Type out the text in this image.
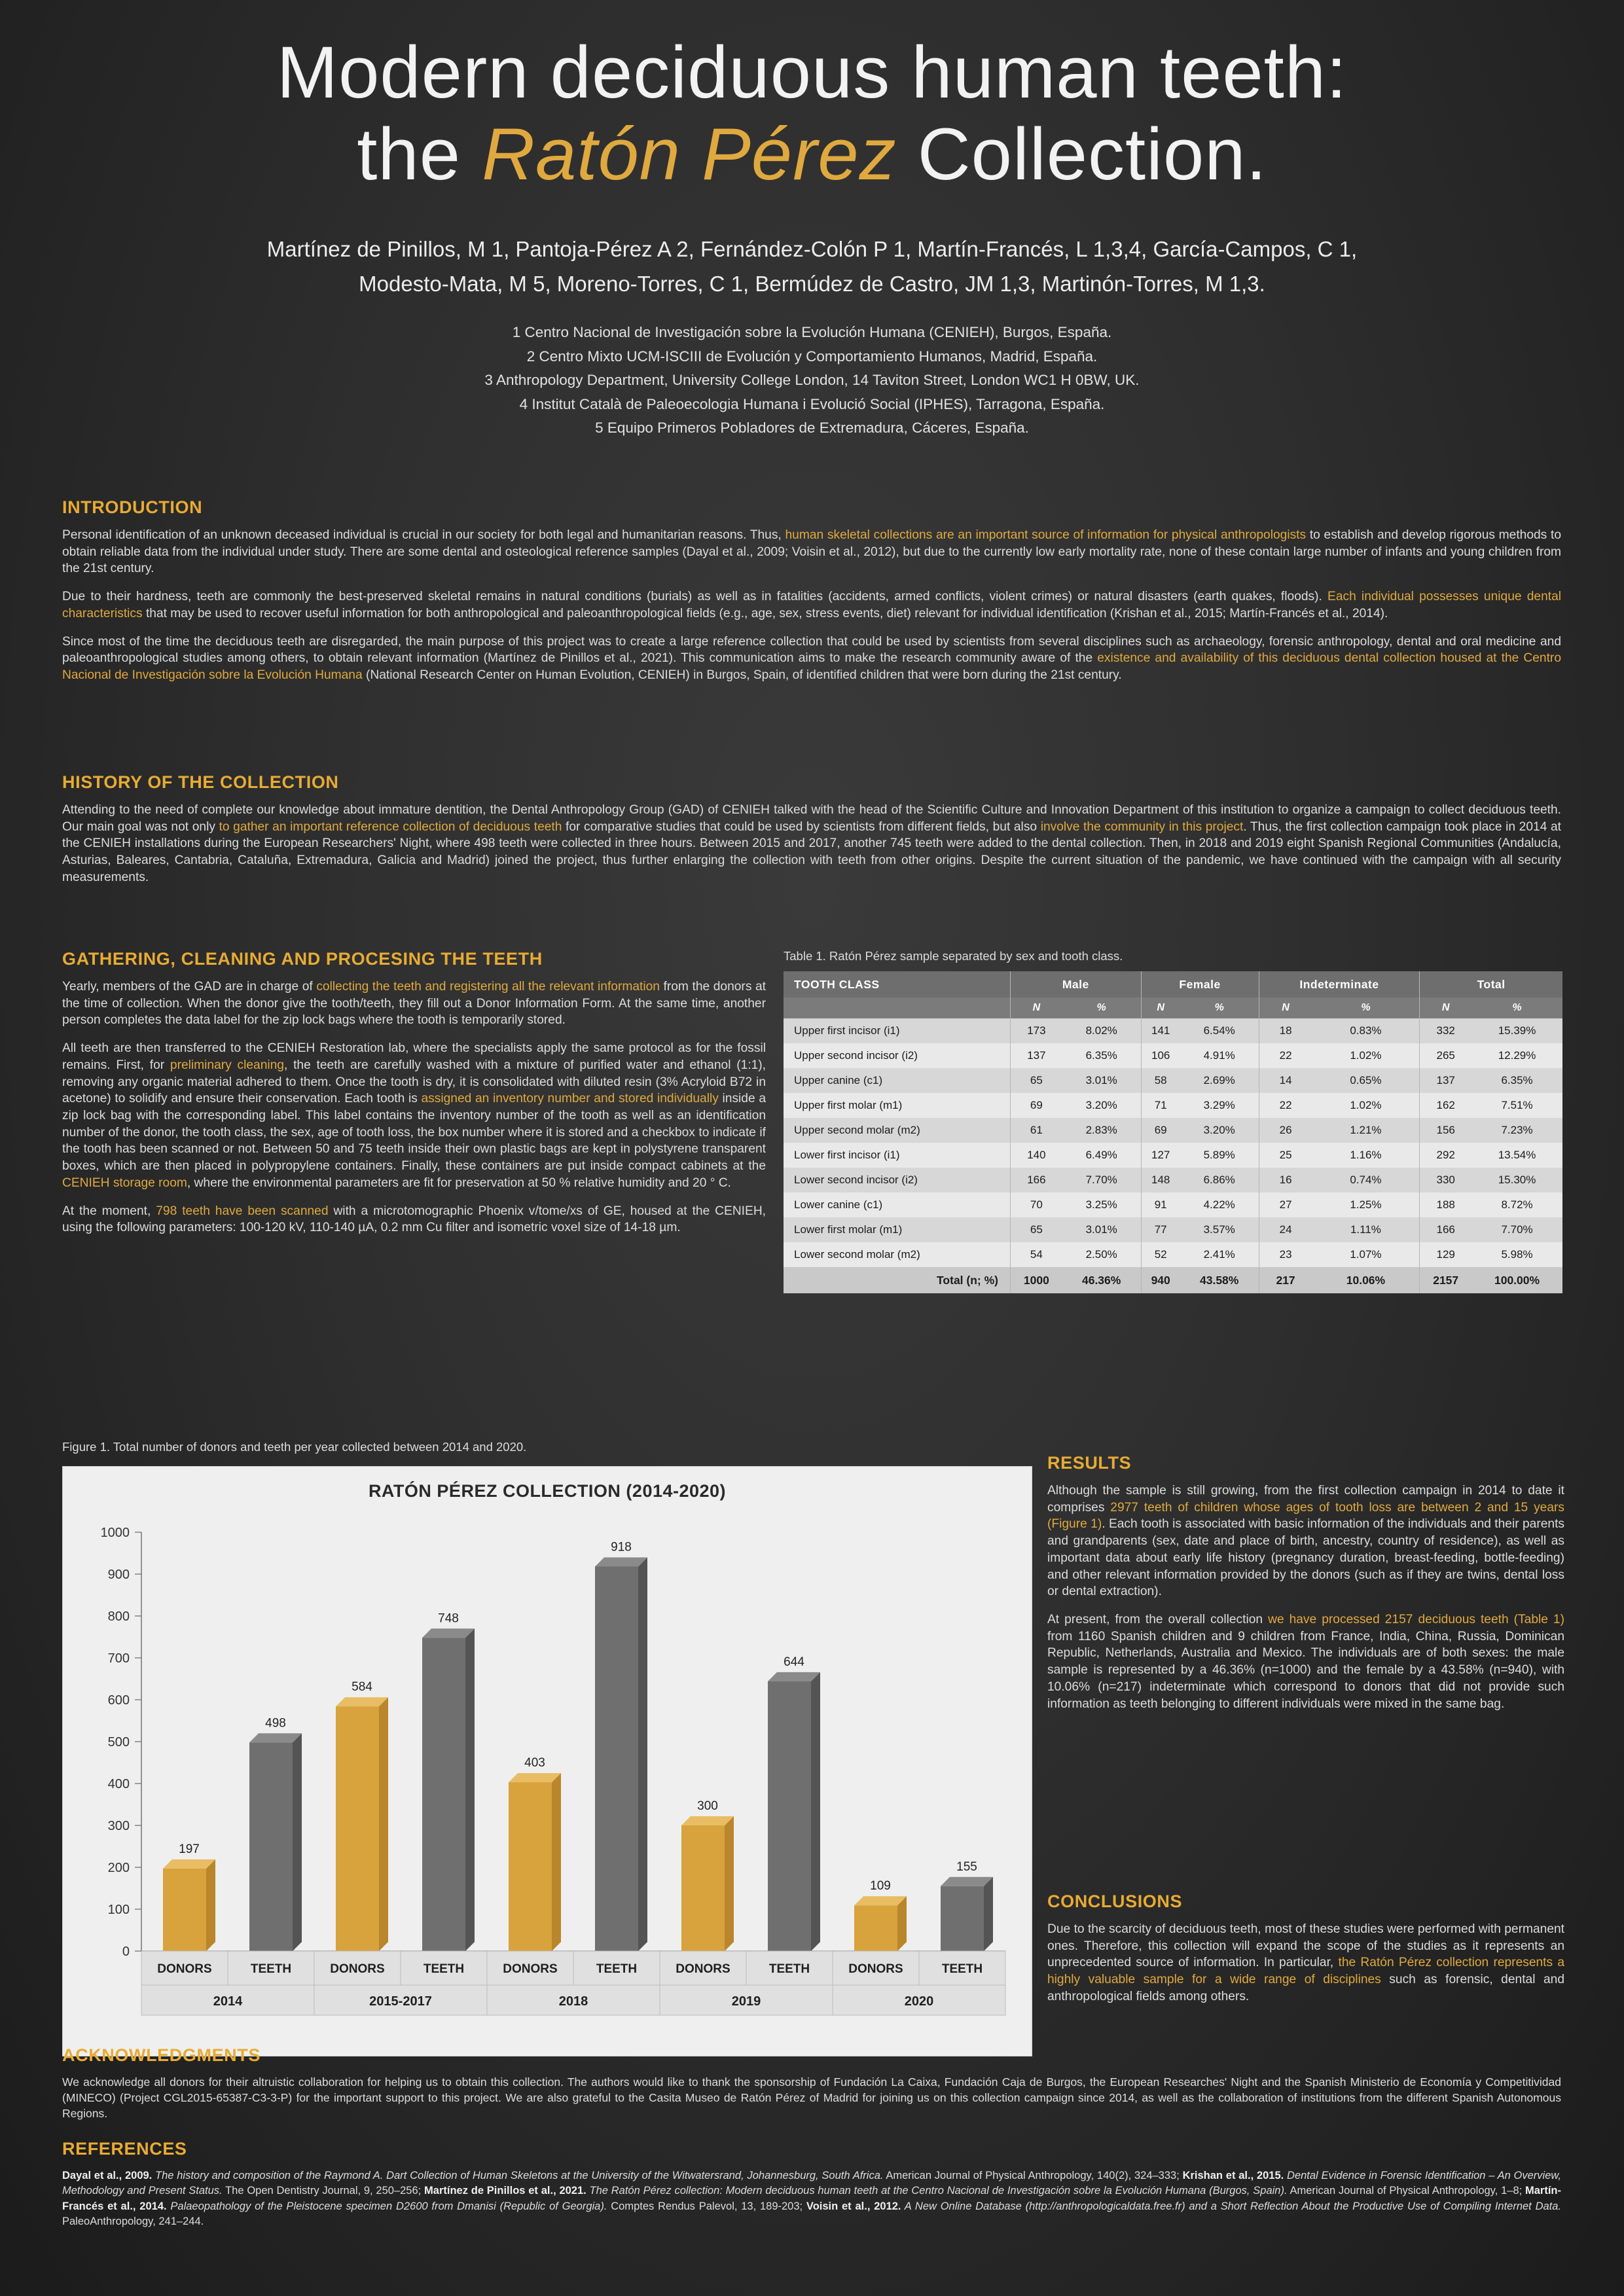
Modern deciduous human teeth:
the Ratón Pérez Collection.
Martínez de Pinillos, M 1, Pantoja-Pérez A 2, Fernández-Colón P 1, Martín-Francés, L 1,3,4, García-Campos, C 1,
Modesto-Mata, M 5, Moreno-Torres, C 1, Bermúdez de Castro, JM 1,3, Martinón-Torres, M 1,3.
1 Centro Nacional de Investigación sobre la Evolución Humana (CENIEH), Burgos, España.
2 Centro Mixto UCM-ISCIII de Evolución y Comportamiento Humanos, Madrid, España.
3 Anthropology Department, University College London, 14 Taviton Street, London WC1 H 0BW, UK.
4 Institut Català de Paleoecologia Humana i Evolució Social (IPHES), Tarragona, España.
5 Equipo Primeros Pobladores de Extremadura, Cáceres, España.
INTRODUCTION

Personal identification of an unknown deceased individual is crucial in our society for both legal and humanitarian reasons. Thus, human skeletal collections are an important source of information for physical anthropologists to establish and develop rigorous methods to obtain reliable data from the individual under study. There are some dental and osteological reference samples (Dayal et al., 2009; Voisin et al., 2012), but due to the currently low early mortality rate, none of these contain large number of infants and young children from the 21st century.

Due to their hardness, teeth are commonly the best-preserved skeletal remains in natural conditions (burials) as well as in fatalities (accidents, armed conflicts, violent crimes) or natural disasters (earth quakes, floods). Each individual possesses unique dental characteristics that may be used to recover useful information for both anthropological and paleoanthropological fields (e.g., age, sex, stress events, diet) relevant for individual identification (Krishan et al., 2015; Martín-Francés et al., 2014).

Since most of the time the deciduous teeth are disregarded, the main purpose of this project was to create a large reference collection that could be used by scientists from several disciplines such as archaeology, forensic anthropology, dental and oral medicine and paleoanthropological studies among others, to obtain relevant information (Martínez de Pinillos et al., 2021). This communication aims to make the research community aware of the existence and availability of this deciduous dental collection housed at the Centro Nacional de Investigación sobre la Evolución Humana (National Research Center on Human Evolution, CENIEH) in Burgos, Spain, of identified children that were born during the 21st century.

HISTORY OF THE COLLECTION

Attending to the need of complete our knowledge about immature dentition, the Dental Anthropology Group (GAD) of CENIEH talked with the head of the Scientific Culture and Innovation Department of this institution to organize a campaign to collect deciduous teeth. Our main goal was not only to gather an important reference collection of deciduous teeth for comparative studies that could be used by scientists from different fields, but also involve the community in this project. Thus, the first collection campaign took place in 2014 at the CENIEH installations during the European Researchers' Night, where 498 teeth were collected in three hours. Between 2015 and 2017, another 745 teeth were added to the dental collection. Then, in 2018 and 2019 eight Spanish Regional Communities (Andalucía, Asturias, Baleares, Cantabria, Cataluña, Extremadura, Galicia and Madrid) joined the project, thus further enlarging the collection with teeth from other origins. Despite the current situation of the pandemic, we have continued with the campaign with all security measurements.

GATHERING, CLEANING AND PROCESING THE TEETH

Yearly, members of the GAD are in charge of collecting the teeth and registering all the relevant information from the donors at the time of collection. When the donor give the tooth/teeth, they fill out a Donor Information Form. At the same time, another person completes the data label for the zip lock bags where the tooth is temporarily stored.

All teeth are then transferred to the CENIEH Restoration lab, where the specialists apply the same protocol as for the fossil remains. First, for preliminary cleaning, the teeth are carefully washed with a mixture of purified water and ethanol (1:1), removing any organic material adhered to them. Once the tooth is dry, it is consolidated with diluted resin (3% Acryloid B72 in acetone) to solidify and ensure their conservation. Each tooth is assigned an inventory number and stored individually inside a zip lock bag with the corresponding label. This label contains the inventory number of the tooth as well as an identification number of the donor, the tooth class, the sex, age of tooth loss, the box number where it is stored and a checkbox to indicate if the tooth has been scanned or not. Between 50 and 75 teeth inside their own plastic bags are kept in polystyrene transparent boxes, which are then placed in polypropylene containers. Finally, these containers are put inside compact cabinets at the CENIEH storage room, where the environmental parameters are fit for preservation at 50 % relative humidity and 20 ° C.

At the moment, 798 teeth have been scanned with a microtomographic Phoenix v/tome/xs of GE, housed at the CENIEH, using the following parameters: 100-120 kV, 110-140 µA, 0.2 mm Cu filter and isometric voxel size of 14-18 µm.

Table 1. Ratón Pérez sample separated by sex and tooth class.
TOOTH CLASS	Male		Female		Indeterminate		Total	
	N	%	N	%	N	%	N	%
Upper first incisor (i1)	173	8.02%	141	6.54%	18	0.83%	332	15.39%
Upper second incisor (i2)	137	6.35%	106	4.91%	22	1.02%	265	12.29%
Upper canine (c1)	65	3.01%	58	2.69%	14	0.65%	137	6.35%
Upper first molar (m1)	69	3.20%	71	3.29%	22	1.02%	162	7.51%
Upper second molar (m2)	61	2.83%	69	3.20%	26	1.21%	156	7.23%
Lower first incisor (i1)	140	6.49%	127	5.89%	25	1.16%	292	13.54%
Lower second incisor (i2)	166	7.70%	148	6.86%	16	0.74%	330	15.30%
Lower canine (c1)	70	3.25%	91	4.22%	27	1.25%	188	8.72%
Lower first molar (m1)	65	3.01%	77	3.57%	24	1.11%	166	7.70%
Lower second molar (m2)	54	2.50%	52	2.41%	23	1.07%	129	5.98%
Total (n; %)	1000	46.36%	940	43.58%	217	10.06%	2157	100.00%
Figure 1. Total number of donors and teeth per year collected between 2014 and 2020.
RATÓN PÉREZ COLLECTION (2014-2020)
0
100
200
300
400
500
600
700
800
900
1000
197
498
584
748
403
918
300
644
109
155
DONORS	TEETH	DONORS	TEETH	DONORS	TEETH	DONORS	TEETH	DONORS	TEETH
2014	2015-2017	2018	2019	2020
RESULTS

Although the sample is still growing, from the first collection campaign in 2014 to date it comprises 2977 teeth of children whose ages of tooth loss are between 2 and 15 years (Figure 1). Each tooth is associated with basic information of the individuals and their parents and grandparents (sex, date and place of birth, ancestry, country of residence), as well as important data about early life history (pregnancy duration, breast-feeding, bottle-feeding) and other relevant information provided by the donors (such as if they are twins, dental loss or dental extraction).

At present, from the overall collection we have processed 2157 deciduous teeth (Table 1) from 1160 Spanish children and 9 children from France, India, China, Russia, Dominican Republic, Netherlands, Australia and Mexico. The individuals are of both sexes: the male sample is represented by a 46.36% (n=1000) and the female by a 43.58% (n=940), with 10.06% (n=217) indeterminate which correspond to donors that did not provide such information as teeth belonging to different individuals were mixed in the same bag.

CONCLUSIONS

Due to the scarcity of deciduous teeth, most of these studies were performed with permanent ones. Therefore, this collection will expand the scope of the studies as it represents an unprecedented source of information. In particular, the Ratón Pérez collection represents a highly valuable sample for a wide range of disciplines such as forensic, dental and anthropological fields among others.

ACKNOWLEDGMENTS

We acknowledge all donors for their altruistic collaboration for helping us to obtain this collection. The authors would like to thank the sponsorship of Fundación La Caixa, Fundación Caja de Burgos, the European Researches' Night and the Spanish Ministerio de Economía y Competitividad (MINECO) (Project CGL2015-65387-C3-3-P) for the important support to this project. We are also grateful to the Casita Museo de Ratón Pérez of Madrid for joining us on this collection campaign since 2014, as well as the collaboration of institutions from the different Spanish Autonomous Regions.

REFERENCES

Dayal et al., 2009. The history and composition of the Raymond A. Dart Collection of Human Skeletons at the University of the Witwatersrand, Johannesburg, South Africa. American Journal of Physical Anthropology, 140(2), 324–333; Krishan et al., 2015. Dental Evidence in Forensic Identification – An Overview, Methodology and Present Status. The Open Dentistry Journal, 9, 250–256; Martínez de Pinillos et al., 2021. The Ratón Pérez collection: Modern deciduous human teeth at the Centro Nacional de Investigación sobre la Evolución Humana (Burgos, Spain). American Journal of Physical Anthropology, 1–8; Martín-Francés et al., 2014. Palaeopathology of the Pleistocene specimen D2600 from Dmanisi (Republic of Georgia). Comptes Rendus Palevol, 13, 189-203; Voisin et al., 2012. A New Online Database (http://anthropologicaldata.free.fr) and a Short Reflection About the Productive Use of Compiling Internet Data. PaleoAnthropology, 241–244.
